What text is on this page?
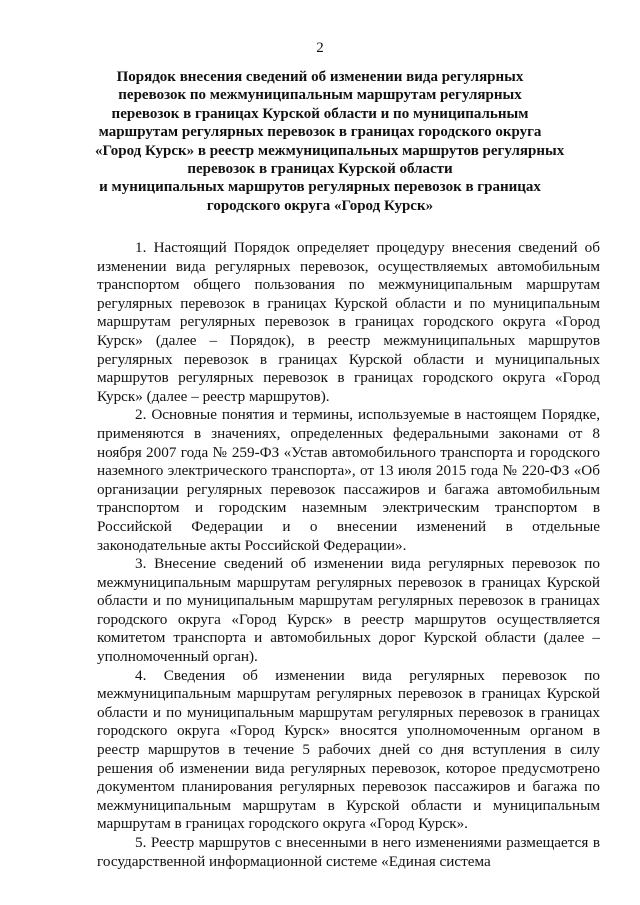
2
Порядок внесения сведений об изменении вида регулярных
перевозок по межмуниципальным маршрутам регулярных
перевозок в границах Курской области и по муниципальным
маршрутам регулярных перевозок в границах городского округа
«Город Курск» в реестр межмуниципальных маршрутов регулярных
перевозок в границах Курской области
и муниципальных маршрутов регулярных перевозок в границах
городского округа «Город Курск»

1. Настоящий Порядок определяет процедуру внесения сведений об изменении вида регулярных перевозок, осуществляемых автомобильным транспортом общего пользования по межмуниципальным маршрутам регулярных перевозок в границах Курской области и по муниципальным маршрутам регулярных перевозок в границах городского округа «Город Курск» (далее – Порядок), в реестр межмуниципальных маршрутов регулярных перевозок в границах Курской области и муниципальных маршрутов регулярных перевозок в границах городского округа «Город Курск» (далее – реестр маршрутов).

2. Основные понятия и термины, используемые в настоящем Порядке, применяются в значениях, определенных федеральными законами от 8 ноября 2007 года № 259-ФЗ «Устав автомобильного транспорта и городского наземного электрического транспорта», от 13 июля 2015 года № 220-ФЗ «Об организации регулярных перевозок пассажиров и багажа автомобильным транспортом и городским наземным электрическим транспортом в Российской Федерации и о внесении изменений в отдельные законодательные акты Российской Федерации».

3. Внесение сведений об изменении вида регулярных перевозок по межмуниципальным маршрутам регулярных перевозок в границах Курской области и по муниципальным маршрутам регулярных перевозок в границах городского округа «Город Курск» в реестр маршрутов осуществляется комитетом транспорта и автомобильных дорог Курской области (далее – уполномоченный орган).

4. Сведения об изменении вида регулярных перевозок по межмуниципальным маршрутам регулярных перевозок в границах Курской области и по муниципальным маршрутам регулярных перевозок в границах городского округа «Город Курск» вносятся уполномоченным органом в реестр маршрутов в течение 5 рабочих дней со дня вступления в силу решения об изменении вида регулярных перевозок, которое предусмотрено документом планирования регулярных перевозок пассажиров и багажа по межмуниципальным маршрутам в Курской области и муниципальным маршрутам в границах городского округа «Город Курск».

5. Реестр маршрутов с внесенными в него изменениями размещается в государственной информационной системе «Единая система
